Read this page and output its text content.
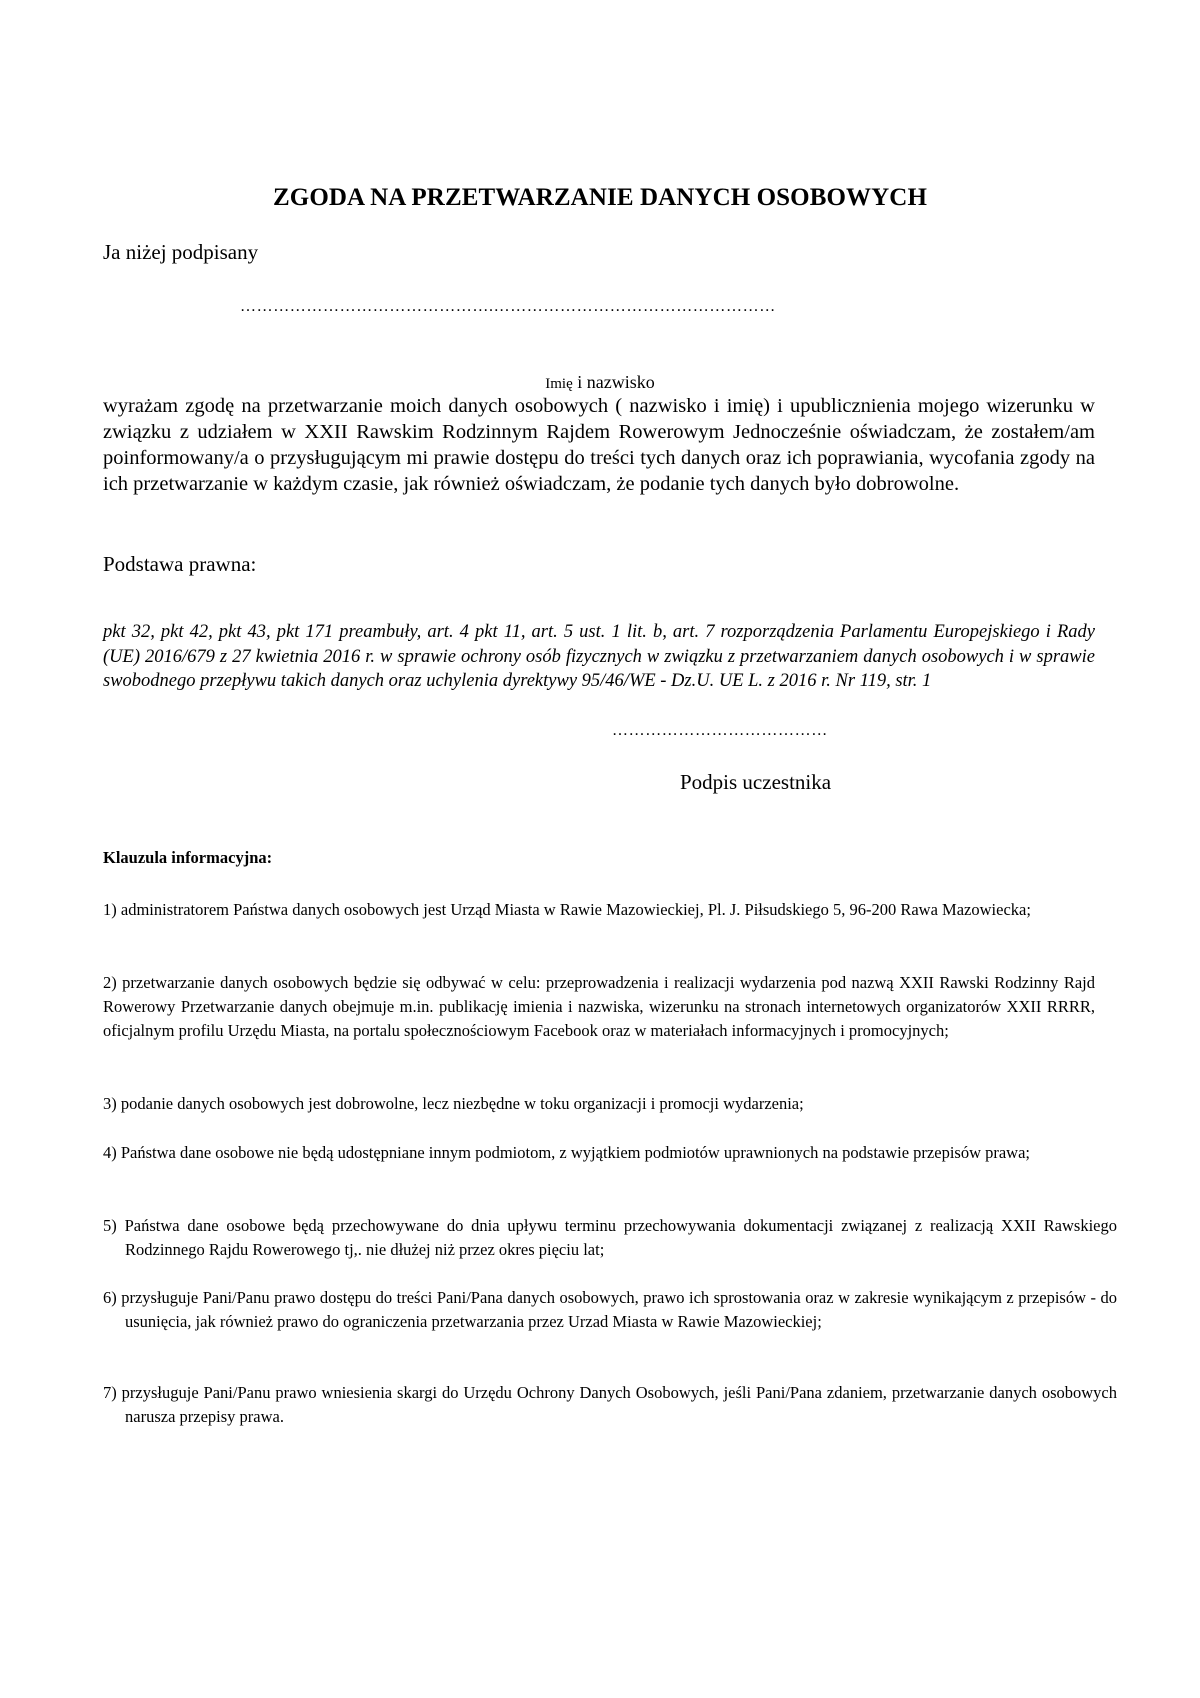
ZGODA NA PRZETWARZANIE DANYCH OSOBOWYCH
Ja niżej podpisany
……………………………………….……………………………………………
Imię i nazwisko
wyrażam zgodę na przetwarzanie moich danych osobowych ( nazwisko i imię) i upublicznienia mojego wizerunku w związku z udziałem w XXII Rawskim Rodzinnym Rajdem Rowerowym Jednocześnie oświadczam, że zostałem/am poinformowany/a o przysługującym mi prawie dostępu do treści tych danych oraz ich poprawiania, wycofania zgody na ich przetwarzanie w każdym czasie, jak również oświadczam, że podanie tych danych było dobrowolne.
Podstawa prawna:
pkt 32, pkt 42, pkt 43, pkt 171 preambuły, art. 4 pkt 11, art. 5 ust. 1 lit. b, art. 7 rozporządzenia Parlamentu Europejskiego i Rady (UE) 2016/679 z 27 kwietnia 2016 r. w sprawie ochrony osób fizycznych w związku z przetwarzaniem danych osobowych i w sprawie swobodnego przepływu takich danych oraz uchylenia dyrektywy 95/46/WE - Dz.U. UE L. z 2016 r. Nr 119, str. 1
…………………………………
Podpis uczestnika
Klauzula informacyjna:
1) administratorem Państwa danych osobowych jest Urząd Miasta w Rawie Mazowieckiej, Pl. J. Piłsudskiego 5, 96-200 Rawa Mazowiecka;
2) przetwarzanie danych osobowych będzie się odbywać w celu: przeprowadzenia i realizacji wydarzenia pod nazwą XXII Rawski Rodzinny Rajd Rowerowy Przetwarzanie danych obejmuje m.in. publikację imienia i nazwiska, wizerunku na stronach internetowych organizatorów XXII RRRR, oficjalnym profilu Urzędu Miasta, na portalu społecznościowym Facebook oraz w materiałach informacyjnych i promocyjnych;
3) podanie danych osobowych jest dobrowolne, lecz niezbędne w toku organizacji i promocji wydarzenia;
4) Państwa dane osobowe nie będą udostępniane innym podmiotom, z wyjątkiem podmiotów uprawnionych na podstawie przepisów prawa;
5) Państwa dane osobowe będą przechowywane do dnia upływu terminu przechowywania dokumentacji związanej z realizacją XXII Rawskiego Rodzinnego Rajdu Rowerowego tj,. nie dłużej niż przez okres pięciu lat;
6) przysługuje Pani/Panu prawo dostępu do treści Pani/Pana danych osobowych, prawo ich sprostowania oraz w zakresie wynikającym z przepisów - do usunięcia, jak również prawo do ograniczenia przetwarzania przez Urzad Miasta w Rawie Mazowieckiej;
7) przysługuje Pani/Panu prawo wniesienia skargi do Urzędu Ochrony Danych Osobowych, jeśli Pani/Pana zdaniem, przetwarzanie danych osobowych narusza przepisy prawa.
